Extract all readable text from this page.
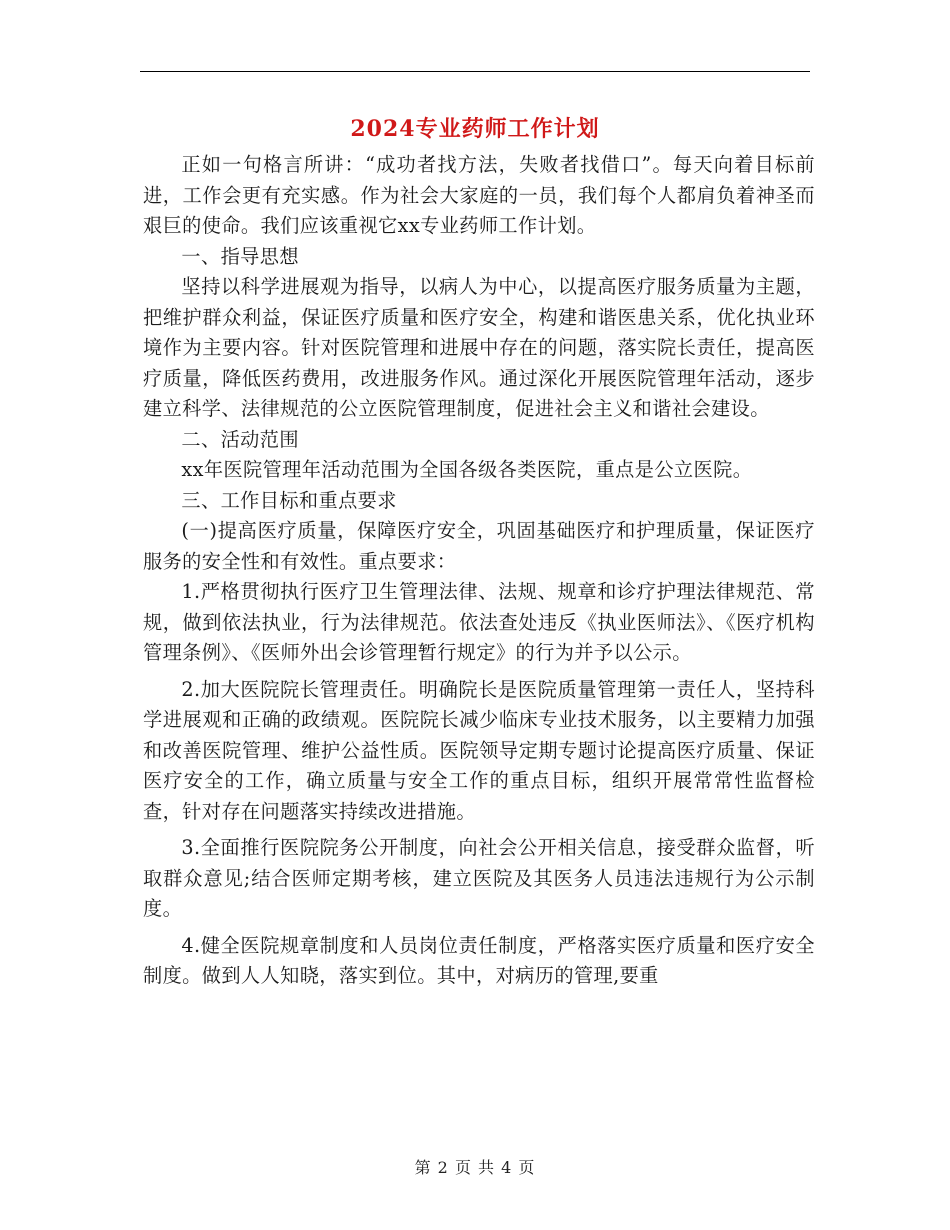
2024专业药师工作计划

正如一句格言所讲：“成功者找方法，失败者找借口”。每天向着目标前进，工作会更有充实感。作为社会大家庭的一员，我们每个人都肩负着神圣而艰巨的使命。我们应该重视它xx专业药师工作计划。

一、指导思想

坚持以科学进展观为指导，以病人为中心，以提高医疗服务质量为主题，把维护群众利益，保证医疗质量和医疗安全，构建和谐医患关系，优化执业环境作为主要内容。针对医院管理和进展中存在的问题，落实院长责任，提高医疗质量，降低医药费用，改进服务作风。通过深化开展医院管理年活动，逐步建立科学、法律规范的公立医院管理制度，促进社会主义和谐社会建设。

二、活动范围

xx年医院管理年活动范围为全国各级各类医院，重点是公立医院。

三、工作目标和重点要求

(一)提高医疗质量，保障医疗安全，巩固基础医疗和护理质量，保证医疗服务的安全性和有效性。重点要求：

1.严格贯彻执行医疗卫生管理法律、法规、规章和诊疗护理法律规范、常规，做到依法执业，行为法律规范。依法查处违反《执业医师法》、《医疗机构管理条例》、《医师外出会诊管理暂行规定》的行为并予以公示。

2.加大医院院长管理责任。明确院长是医院质量管理第一责任人，坚持科学进展观和正确的政绩观。医院院长减少临床专业技术服务，以主要精力加强和改善医院管理、维护公益性质。医院领导定期专题讨论提高医疗质量、保证医疗安全的工作，确立质量与安全工作的重点目标，组织开展常常性监督检查，针对存在问题落实持续改进措施。

3.全面推行医院院务公开制度，向社会公开相关信息，接受群众监督，听取群众意见;结合医师定期考核，建立医院及其医务人员违法违规行为公示制度。

4.健全医院规章制度和人员岗位责任制度，严格落实医疗质量和医疗安全制度。做到人人知晓，落实到位。其中，对病历的管理,要重

第 2 页 共 4 页
